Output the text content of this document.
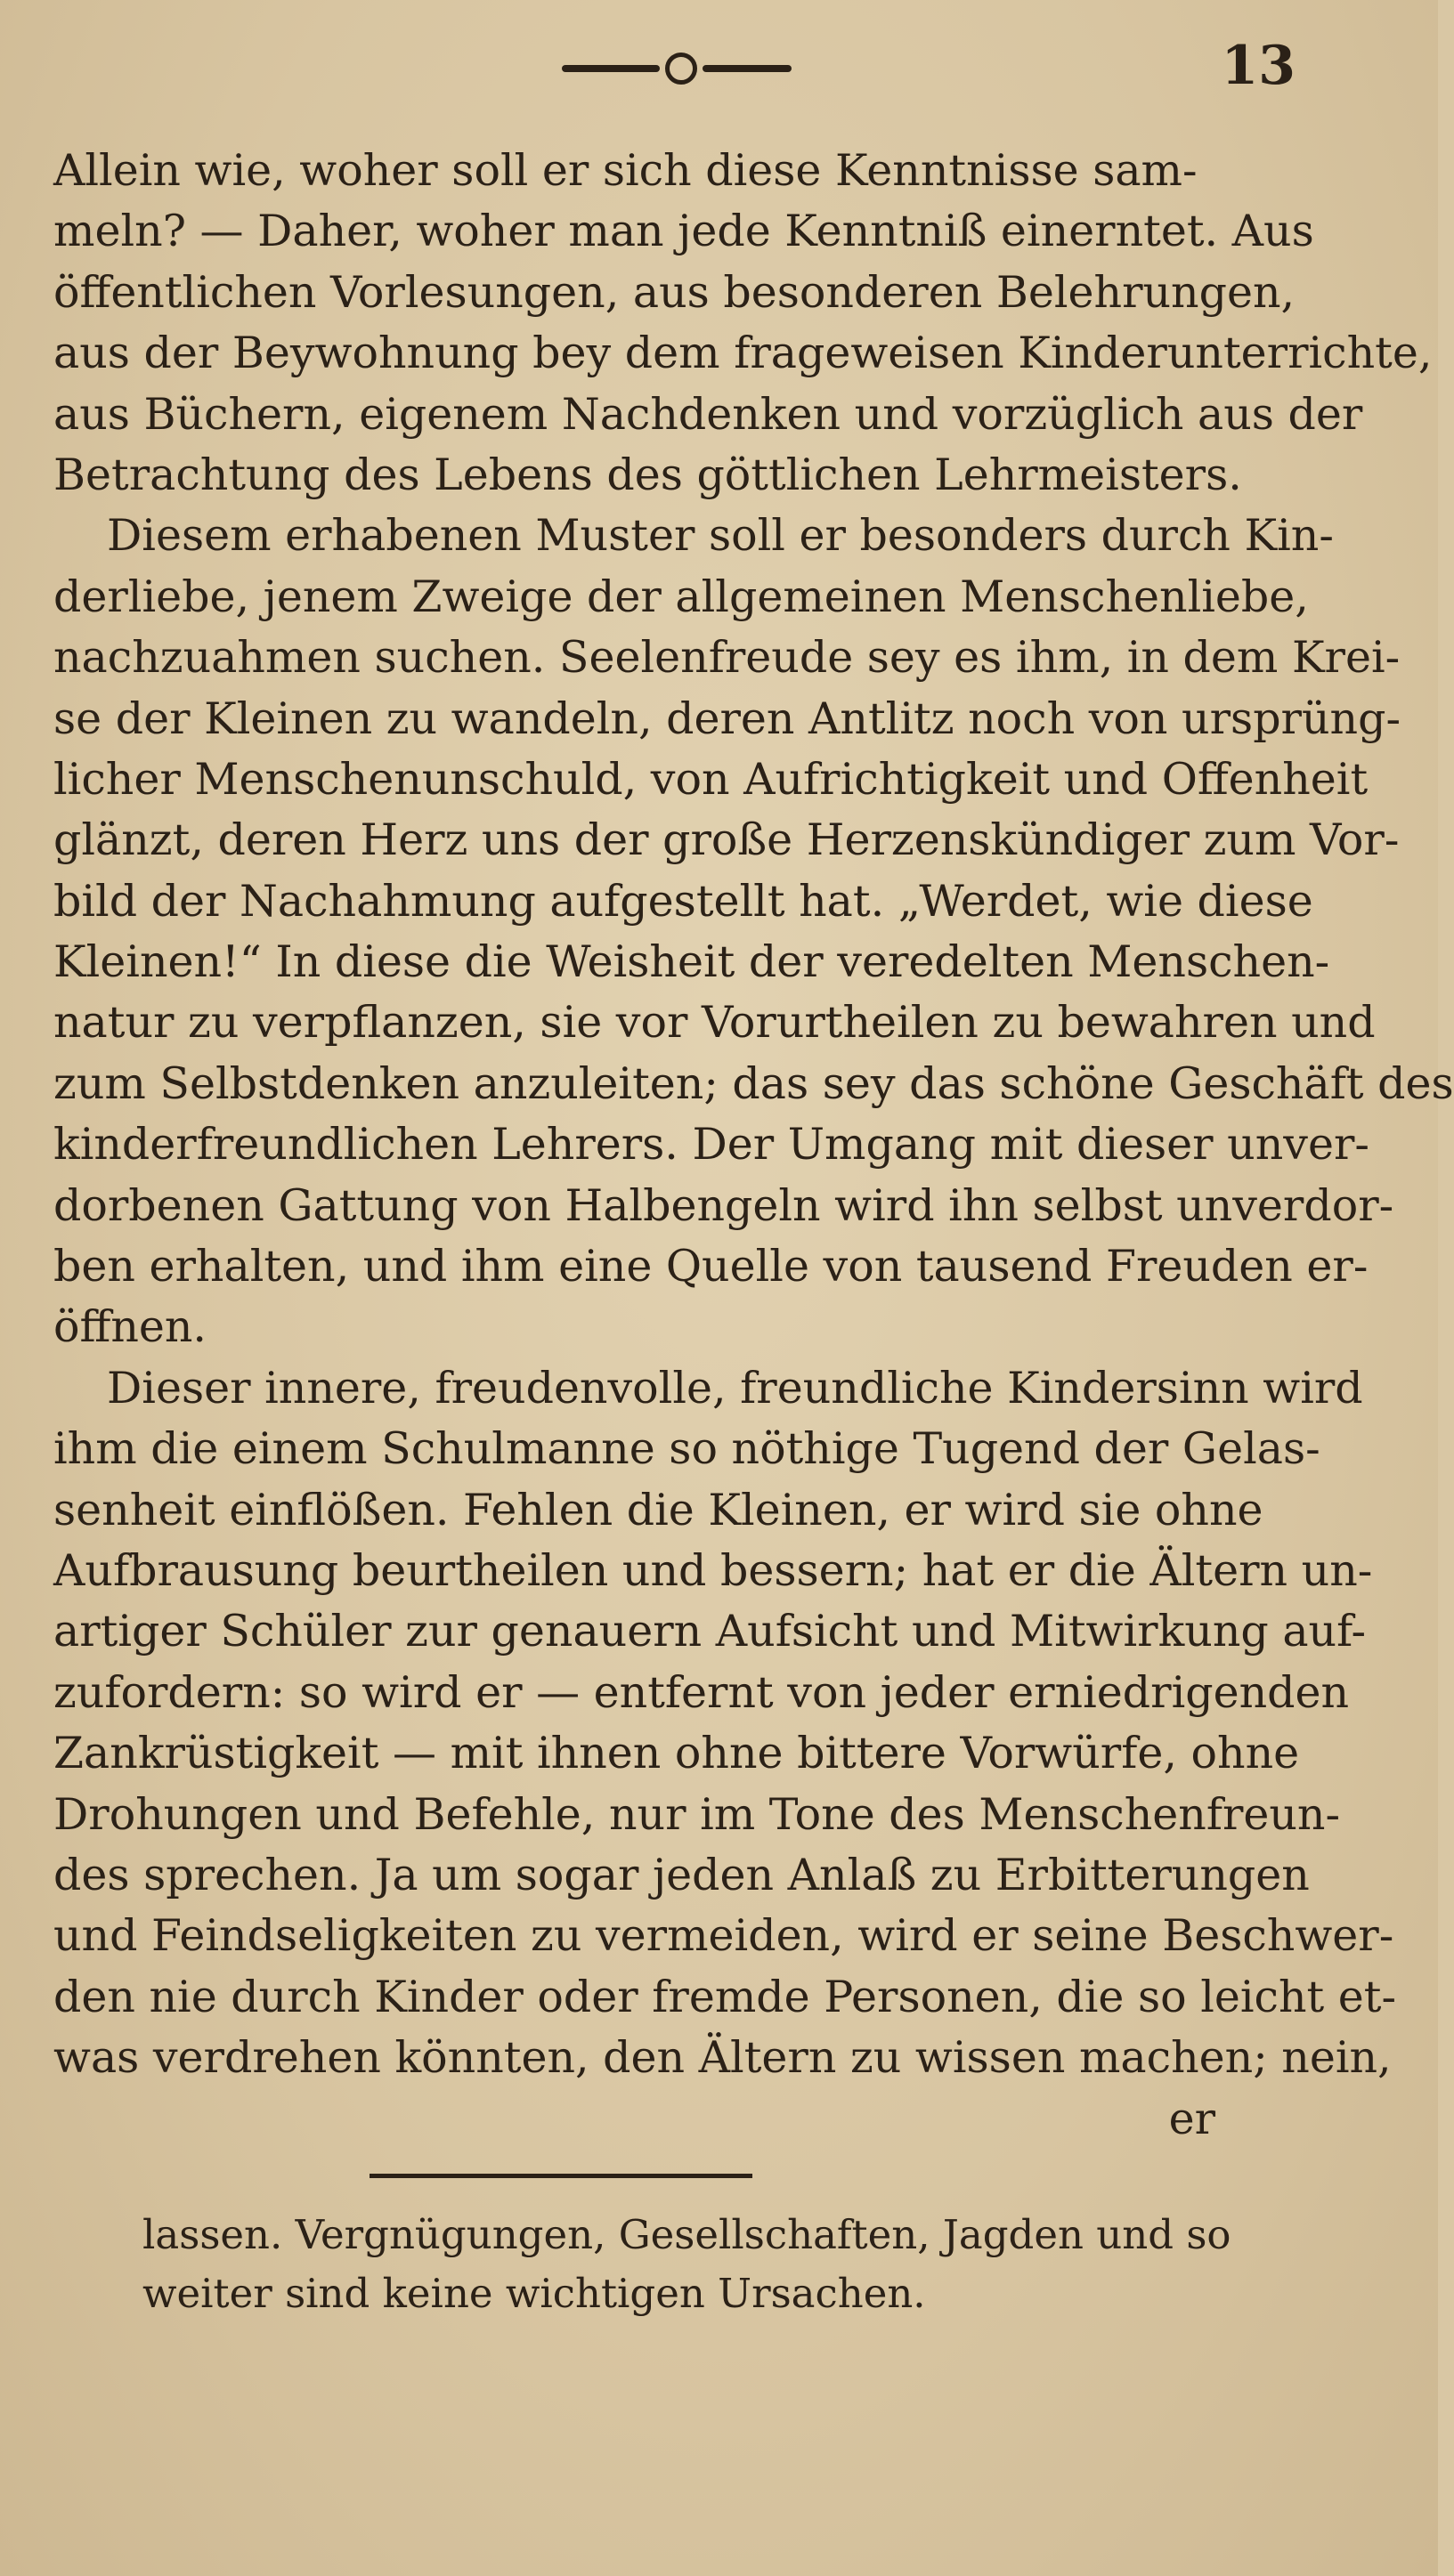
13
Allein wie, woher soll er sich diese Kenntnisse sam-
meln? — Daher, woher man jede Kenntniß einerntet. Aus
öffentlichen Vorlesungen, aus besonderen Belehrungen,
aus der Beywohnung bey dem frageweisen Kinderunterrichte,
aus Büchern, eigenem Nachdenken und vorzüglich aus der
Betrachtung des Lebens des göttlichen Lehrmeisters.
Diesem erhabenen Muster soll er besonders durch Kin-
derliebe, jenem Zweige der allgemeinen Menschenliebe,
nachzuahmen suchen. Seelenfreude sey es ihm, in dem Krei-
se der Kleinen zu wandeln, deren Antlitz noch von ursprüng-
licher Menschenunschuld, von Aufrichtigkeit und Offenheit
glänzt, deren Herz uns der große Herzenskündiger zum Vor-
bild der Nachahmung aufgestellt hat. „Werdet, wie diese
Kleinen!“ In diese die Weisheit der veredelten Menschen-
natur zu verpflanzen, sie vor Vorurtheilen zu bewahren und
zum Selbstdenken anzuleiten; das sey das schöne Geschäft des
kinderfreundlichen Lehrers. Der Umgang mit dieser unver-
dorbenen Gattung von Halbengeln wird ihn selbst unverdor-
ben erhalten, und ihm eine Quelle von tausend Freuden er-
öffnen.
Dieser innere, freudenvolle, freundliche Kindersinn wird
ihm die einem Schulmanne so nöthige Tugend der Gelas-
senheit einflößen. Fehlen die Kleinen, er wird sie ohne
Aufbrausung beurtheilen und bessern; hat er die Ältern un-
artiger Schüler zur genauern Aufsicht und Mitwirkung auf-
zufordern: so wird er — entfernt von jeder erniedrigenden
Zankrüstigkeit — mit ihnen ohne bittere Vorwürfe, ohne
Drohungen und Befehle, nur im Tone des Menschenfreun-
des sprechen. Ja um sogar jeden Anlaß zu Erbitterungen
und Feindseligkeiten zu vermeiden, wird er seine Beschwer-
den nie durch Kinder oder fremde Personen, die so leicht et-
was verdrehen könnten, den Ältern zu wissen machen; nein,
er
lassen. Vergnügungen, Gesellschaften, Jagden und so
weiter sind keine wichtigen Ursachen.
